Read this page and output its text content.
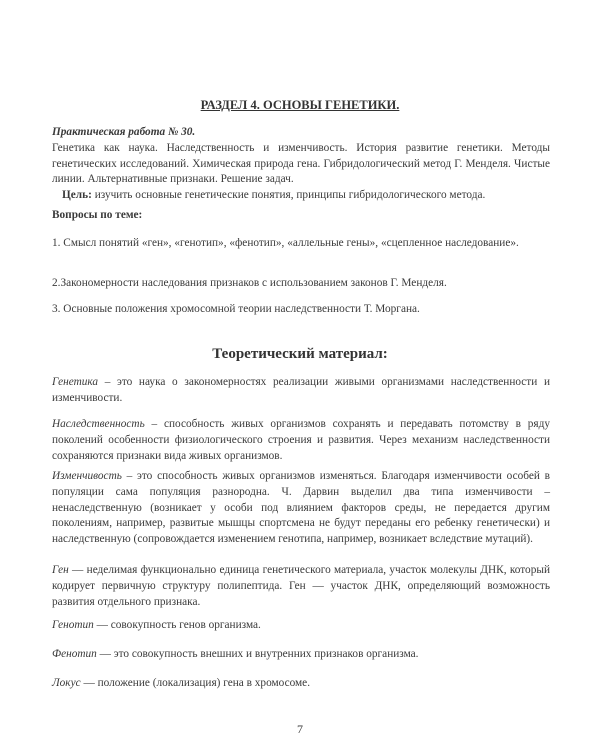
РАЗДЕЛ 4. ОСНОВЫ ГЕНЕТИКИ.
Практическая работа № 30.
Генетика как наука. Наследственность и изменчивость. История развитие генетики. Методы генетических исследований. Химическая природа гена. Гибридологический метод Г. Менделя. Чистые линии. Альтернативные признаки. Решение задач.
Цель: изучить основные генетические понятия, принципы гибридологического метода.
Вопросы по теме:
1. Смысл понятий «ген», «генотип», «фенотип», «аллельные гены», «сцепленное наследование».
2.Закономерности наследования признаков с использованием законов Г. Менделя.
3. Основные положения хромосомной теории наследственности Т. Моргана.
Теоретический материал:
Генетика – это наука о закономерностях реализации живыми организмами наследственности и изменчивости.
Наследственность – способность живых организмов сохранять и передавать потомству в ряду поколений особенности физиологического строения и развития. Через механизм наследственности сохраняются признаки вида живых организмов.
Изменчивость – это способность живых организмов изменяться. Благодаря изменчивости особей в популяции сама популяция разнородна. Ч. Дарвин выделил два типа изменчивости – ненаследственную (возникает у особи под влиянием факторов среды, не передается другим поколениям, например, развитые мышцы спортсмена не будут переданы его ребенку генетически) и наследственную (сопровождается изменением генотипа, например, возникает вследствие мутаций).
Ген — неделимая функционально единица генетического материала, участок молекулы ДНК, который кодирует первичную структуру полипептида. Ген — участок ДНК, определяющий возможность развития отдельного признака.
Генотип — совокупность генов организма.
Фенотип — это совокупность внешних и внутренних признаков организма.
Локус — положение (локализация) гена в хромосоме.
7
